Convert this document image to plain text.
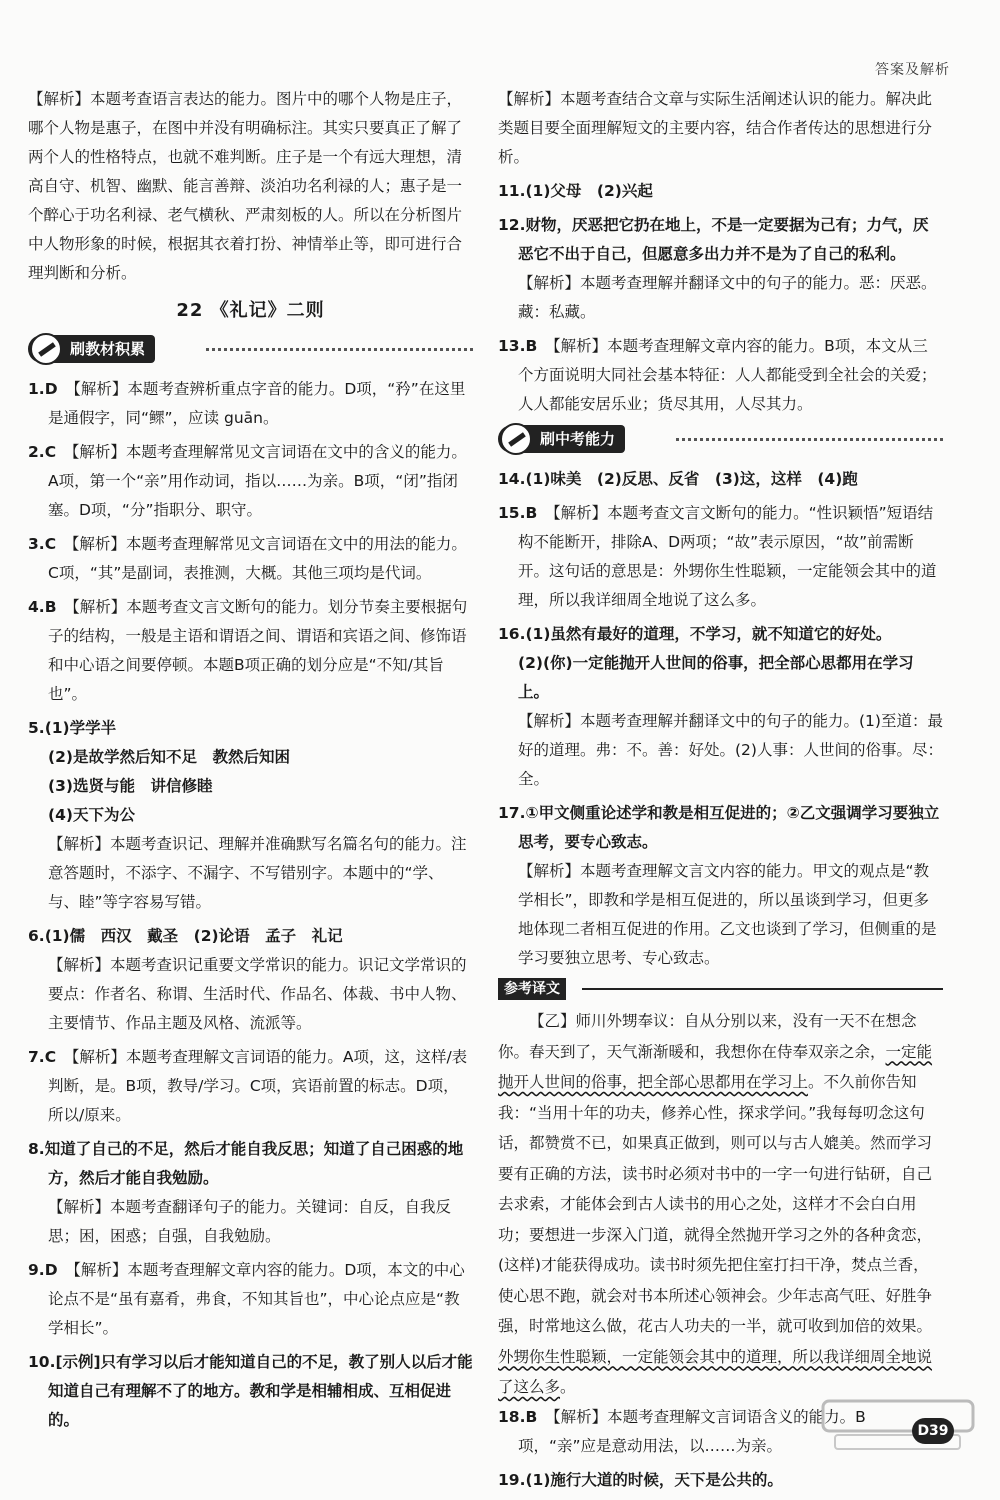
答案及解析

【解析】本题考查语言表达的能力。图片中的哪个人物是庄子，哪个人物是惠子，在图中并没有明确标注。其实只要真正了解了两个人的性格特点，也就不难判断。庄子是一个有远大理想，清高自守、机智、幽默、能言善辩、淡泊功名利禄的人；惠子是一个醉心于功名利禄、老气横秋、严肃刻板的人。所以在分析图片中人物形象的时候，根据其衣着打扮、神情举止等，即可进行合理判断和分析。

22 《礼记》二则
刷教材积累
1.D　 【解析】本题考查辨析重点字音的能力。D项，“矜”在这里是通假字，同“鳏”，应读 guān。
2.C　 【解析】本题考查理解常见文言词语在文中的含义的能力。A项，第一个“亲”用作动词，指以……为亲。B项，“闭”指闭塞。D项，“分”指职分、职守。
3.C　 【解析】本题考查理解常见文言词语在文中的用法的能力。C项，“其”是副词，表推测，大概。其他三项均是代词。
4.B　 【解析】本题考查文言文断句的能力。划分节奏主要根据句子的结构，一般是主语和谓语之间、谓语和宾语之间、修饰语和中心语之间要停顿。本题B项正确的划分应是“不知/其旨也”。
5.(1)学学半
(2)是故学然后知不足　教然后知困
(3)选贤与能　讲信修睦
(4)天下为公
【解析】本题考查识记、理解并准确默写名篇名句的能力。注意答题时，不添字、不漏字、不写错别字。本题中的“学、与、睦”等字容易写错。
6.(1)儒　西汉　戴圣　(2)论语　孟子　礼记
【解析】本题考查识记重要文学常识的能力。识记文学常识的要点：作者名、称谓、生活时代、作品名、体裁、书中人物、主要情节、作品主题及风格、流派等。
7.C　 【解析】本题考查理解文言词语的能力。A项，这，这样/表判断，是。B项，教导/学习。C项，宾语前置的标志。D项，所以/原来。
8.知道了自己的不足，然后才能自我反思；知道了自己困惑的地方，然后才能自我勉励。
【解析】本题考查翻译句子的能力。关键词：自反，自我反思；困，困惑；自强，自我勉励。
9.D　 【解析】本题考查理解文章内容的能力。D项，本文的中心论点不是“虽有嘉肴，弗食，不知其旨也”，中心论点应是“教学相长”。
10.[示例]只有学习以后才能知道自己的不足，教了别人以后才能知道自己有理解不了的地方。教和学是相辅相成、互相促进的。

【解析】本题考查结合文章与实际生活阐述认识的能力。解决此类题目要全面理解短文的主要内容，结合作者传达的思想进行分析。

11.(1)父母　(2)兴起
12.财物，厌恶把它扔在地上，不是一定要据为己有；力气，厌恶它不出于自己，但愿意多出力并不是为了自己的私利。
【解析】本题考查理解并翻译文中的句子的能力。恶：厌恶。藏：私藏。
13.B　 【解析】本题考查理解文章内容的能力。B项，本文从三个方面说明大同社会基本特征：人人都能受到全社会的关爱；人人都能安居乐业；货尽其用，人尽其力。
刷中考能力
14.(1)味美　(2)反思、反省　(3)这，这样　(4)跑
15.B　 【解析】本题考查文言文断句的能力。“性识颖悟”短语结构不能断开，排除A、D两项；“故”表示原因，“故”前需断开。这句话的意思是：外甥你生性聪颖，一定能领会其中的道理，所以我详细周全地说了这么多。
16.(1)虽然有最好的道理，不学习，就不知道它的好处。
(2)(你)一定能抛开人世间的俗事，把全部心思都用在学习上。
【解析】本题考查理解并翻译文中的句子的能力。(1)至道：最好的道理。弗：不。善：好处。(2)人事：人世间的俗事。尽：全。
17.①甲文侧重论述学和教是相互促进的；②乙文强调学习要独立思考，要专心致志。
【解析】本题考查理解文言文内容的能力。甲文的观点是“教学相长”，即教和学是相互促进的，所以虽谈到学习，但更多地体现二者相互促进的作用。乙文也谈到了学习，但侧重的是学习要独立思考、专心致志。
参考译文

【乙】师川外甥奉议：自从分别以来，没有一天不在想念你。春天到了，天气渐渐暖和，我想你在侍奉双亲之余，一定能抛开人世间的俗事，把全部心思都用在学习上。不久前你告知我：“当用十年的功夫，修养心性，探求学问。”我每每叨念这句话，都赞赏不已，如果真正做到，则可以与古人媲美。然而学习要有正确的方法，读书时必须对书中的一字一句进行钻研，自己去求索，才能体会到古人读书的用心之处，这样才不会白白用功；要想进一步深入门道，就得全然抛开学习之外的各种贪恋，(这样)才能获得成功。读书时须先把住室打扫干净，焚点兰香，使心思不跑，就会对书本所述心领神会。少年志高气旺、好胜争强，时常地这么做，花古人功夫的一半，就可收到加倍的效果。外甥你生性聪颖，一定能领会其中的道理，所以我详细周全地说了这么多。

18.B　 【解析】本题考查理解文言词语含义的能力。B项，“亲”应是意动用法，以……为亲。
19.(1)施行大道的时候，天下是公共的。
D39
